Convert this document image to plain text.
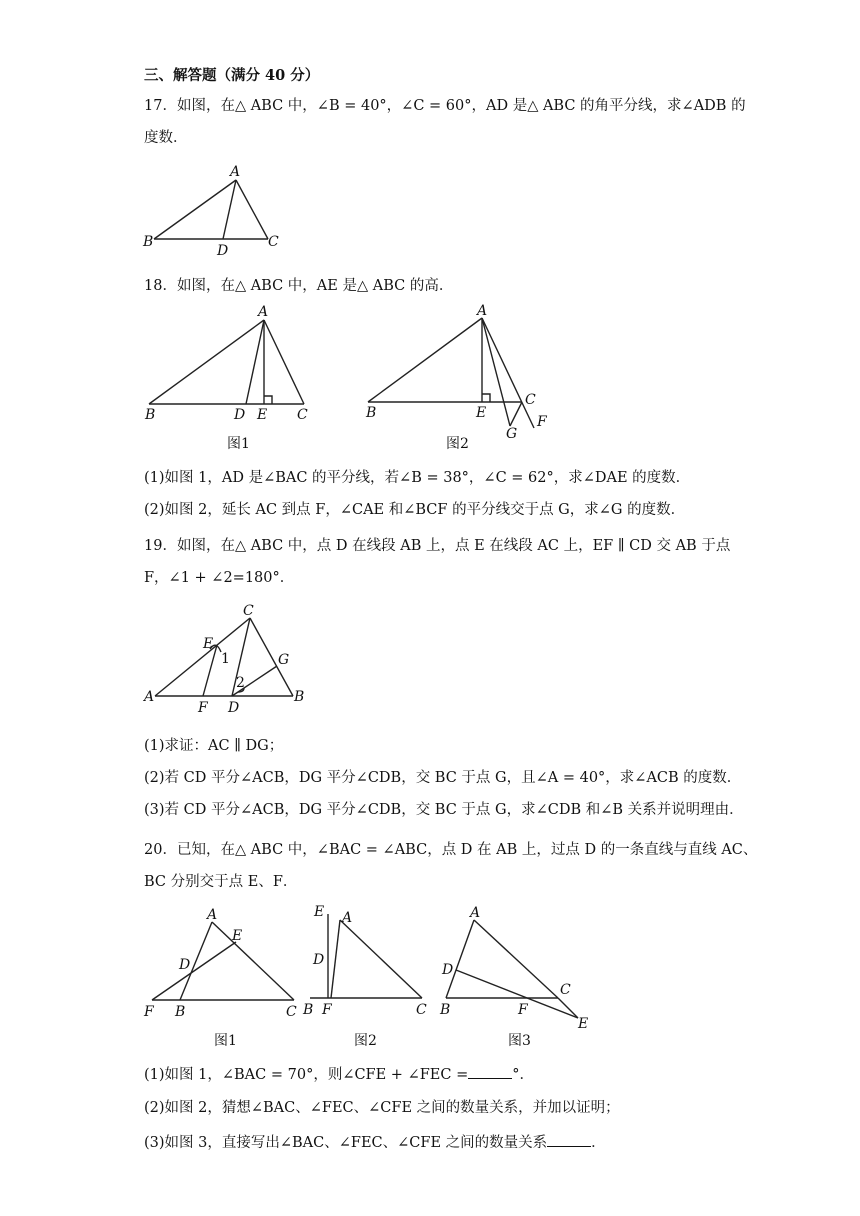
三、解答题（满分 40 分）
17．如图，在△ ABC 中，∠B = 40°，∠C = 60°，AD 是△ ABC 的角平分线，求∠ADB 的
度数．
A
B
D
C
18．如图，在△ ABC 中，AE 是△ ABC 的高．
A
B	D E C
图1
A
B	E
C
G
F
图2
(1)如图 1，AD 是∠BAC 的平分线，若∠B = 38°，∠C = 62°，求∠DAE 的度数．
(2)如图 2，延长 AC 到点 F，∠CAE 和∠BCF 的平分线交于点 G，求∠G 的度数．
19．如图，在△ ABC 中，点 D 在线段 AB 上，点 E 在线段 AC 上，EF ∥ CD 交 AB 于点
F，∠1 + ∠2=180°．
C
E
1	G
2
A	B
F D
(1)求证：AC ∥ DG；
(2)若 CD 平分∠ACB，DG 平分∠CDB，交 BC 于点 G，且∠A = 40°，求∠ACB 的度数．
(3)若 CD 平分∠ACB，DG 平分∠CDB，交 BC 于点 G，求∠CDB 和∠B 关系并说明理由．
20．已知，在△ ABC 中，∠BAC = ∠ABC，点 D 在 AB 上，过点 D 的一条直线与直线 AC、
BC 分别交于点 E、F．
A
E
D
F B	C
图1
E A
D
B F	C
图2
A
D
C
B	F
E
图3
(1)如图 1，∠BAC = 70°，则∠CFE + ∠FEC =	°．
(2)如图 2，猜想∠BAC、∠FEC、∠CFE 之间的数量关系，并加以证明；
(3)如图 3，直接写出∠BAC、∠FEC、∠CFE 之间的数量关系	．
